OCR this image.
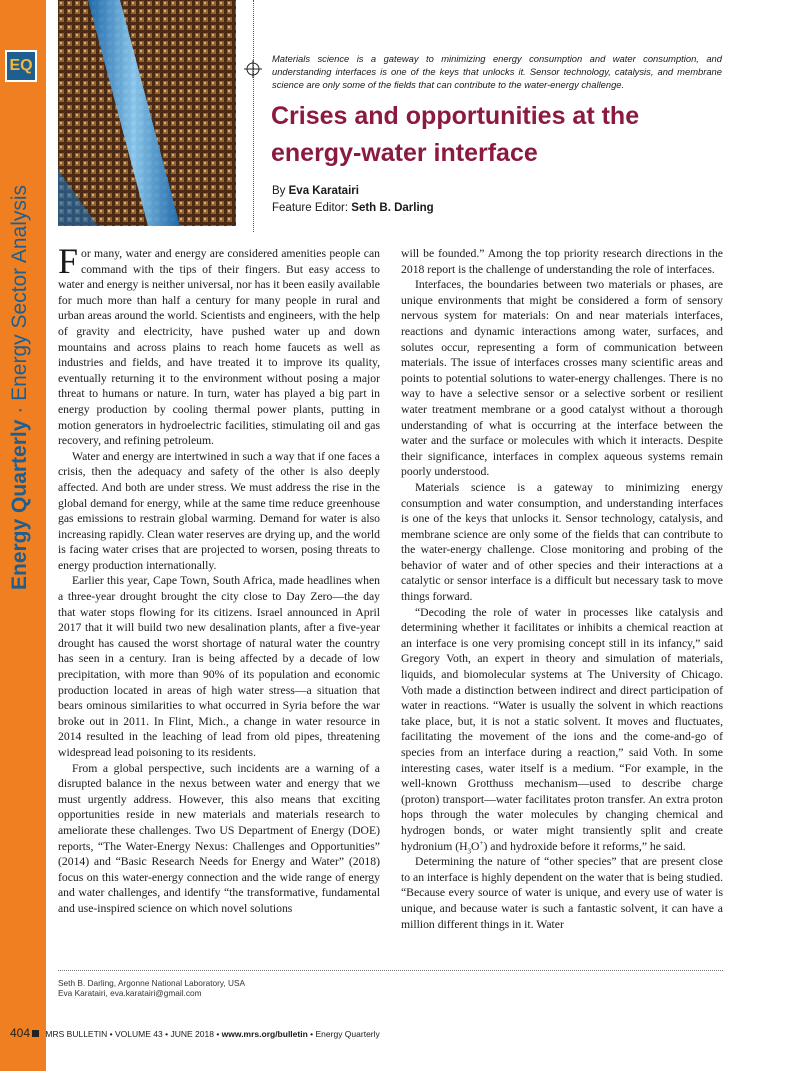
EQ
Energy Quarterly · Energy Sector Analysis

Materials science is a gateway to minimizing energy consumption and water consumption, and understanding interfaces is one of the keys that unlocks it. Sensor technology, catalysis, and membrane science are only some of the fields that can contribute to the water-energy challenge.

Crises and opportunities at the energy-water interface
By Eva Karatairi
Feature Editor: Seth B. Darling

For many, water and energy are considered amenities people can command with the tips of their fingers. But easy access to water and energy is neither universal, nor has it been easily available for much more than half a century for many people in rural and urban areas around the world. Scientists and engineers, with the help of gravity and electricity, have pushed water up and down mountains and across plains to reach home faucets as well as industries and fields, and have treated it to improve its quality, eventually returning it to the environment without posing a major threat to humans or nature. In turn, water has played a big part in energy production by cooling thermal power plants, putting in motion generators in hydroelectric facilities, stimulating oil and gas recovery, and refining petroleum.

Water and energy are intertwined in such a way that if one faces a crisis, then the adequacy and safety of the other is also deeply affected. And both are under stress. We must address the rise in the global demand for energy, while at the same time reduce greenhouse gas emissions to restrain global warming. Demand for water is also increasing rapidly. Clean water reserves are drying up, and the world is facing water crises that are projected to worsen, posing threats to energy production internationally.

Earlier this year, Cape Town, South Africa, made headlines when a three-year drought brought the city close to Day Zero—the day that water stops flowing for its citizens. Israel announced in April 2017 that it will build two new desalination plants, after a five-year drought has caused the worst shortage of natural water the country has seen in a century. Iran is being affected by a decade of low precipitation, with more than 90% of its population and economic production located in areas of high water stress—a situation that bears ominous similarities to what occurred in Syria before the war broke out in 2011. In Flint, Mich., a change in water resource in 2014 resulted in the leaching of lead from old pipes, threatening widespread lead poisoning to its residents.

From a global perspective, such incidents are a warning of a disrupted balance in the nexus between water and energy that we must urgently address. However, this also means that exciting opportunities reside in new materials and materials research to ameliorate these challenges. Two US Department of Energy (DOE) reports, “The Water-Energy Nexus: Challenges and Opportunities” (2014) and “Basic Research Needs for Energy and Water” (2018) focus on this water-energy connection and the wide range of energy and water challenges, and identify “the transformative, fundamental and use-inspired science on which novel solutions

will be founded.” Among the top priority research directions in the 2018 report is the challenge of understanding the role of interfaces.

Interfaces, the boundaries between two materials or phases, are unique environments that might be considered a form of sensory nervous system for materials: On and near materials interfaces, reactions and dynamic interactions among water, surfaces, and solutes occur, representing a form of communication between materials. The issue of interfaces crosses many scientific areas and points to potential solutions to water-energy challenges. There is no way to have a selective sensor or a selective sorbent or resilient water treatment membrane or a good catalyst without a thorough understanding of what is occurring at the interface between the water and the surface or molecules with which it interacts. Despite their significance, interfaces in complex aqueous systems remain poorly understood.

Materials science is a gateway to minimizing energy consumption and water consumption, and understanding interfaces is one of the keys that unlocks it. Sensor technology, catalysis, and membrane science are only some of the fields that can contribute to the water-energy challenge. Close monitoring and probing of the behavior of water and of other species and their interactions at a catalytic or sensor interface is a difficult but necessary task to move things forward.

“Decoding the role of water in processes like catalysis and determining whether it facilitates or inhibits a chemical reaction at an interface is one very promising concept still in its infancy,” said Gregory Voth, an expert in theory and simulation of materials, liquids, and biomolecular systems at The University of Chicago. Voth made a distinction between indirect and direct participation of water in reactions. “Water is usually the solvent in which reactions take place, but, it is not a static solvent. It moves and fluctuates, facilitating the movement of the ions and the come-and-go of species from an interface during a reaction,” said Voth. In some interesting cases, water itself is a medium. “For example, in the well-known Grotthuss mechanism—used to describe charge (proton) transport—water facilitates proton transfer. An extra proton hops through the water molecules by changing chemical and hydrogen bonds, or water might transiently split and create hydronium $(H_3O^+)$ and hydroxide before it reforms,” he said.

Determining the nature of “other species” that are present close to an interface is highly dependent on the water that is being studied. “Because every source of water is unique, and every use of water is unique, and because water is such a fantastic solvent, it can have a million different things in it. Water

Seth B. Darling, Argonne National Laboratory, USA
Eva Karatairi, eva.karatairi@gmail.com
404 MRS BULLETIN • VOLUME 43 • JUNE 2018 • www.mrs.org/bulletin • Energy Quarterly
